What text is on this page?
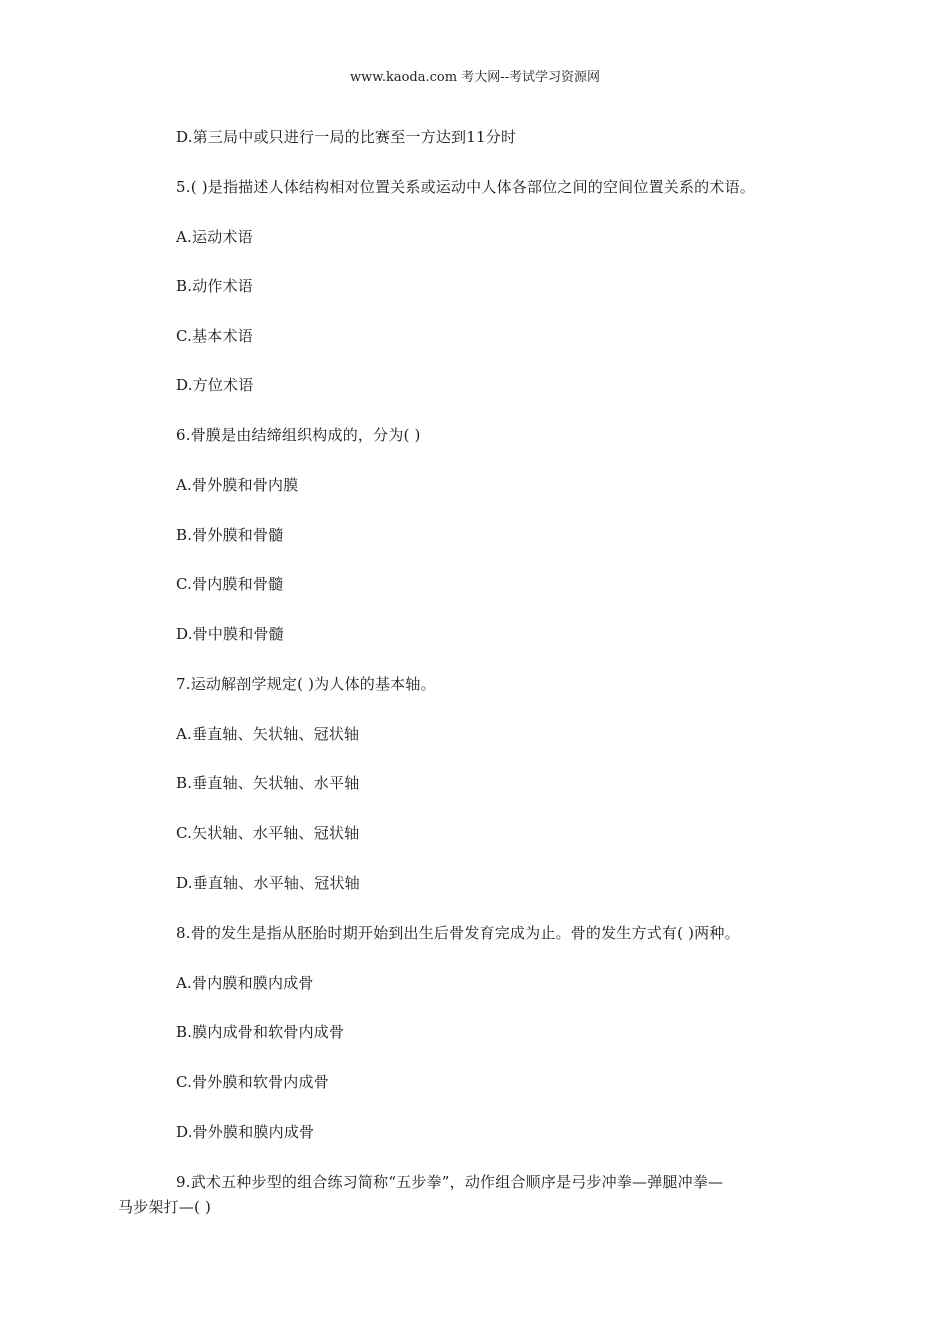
www.kaoda.com 考大网--考试学习资源网
D.第三局中或只进行一局的比赛至一方达到11分时
5.( )是指描述人体结构相对位置关系或运动中人体各部位之间的空间位置关系的术语。
A.运动术语
B.动作术语
C.基本术语
D.方位术语
6.骨膜是由结缔组织构成的，分为( )
A.骨外膜和骨内膜
B.骨外膜和骨髓
C.骨内膜和骨髓
D.骨中膜和骨髓
7.运动解剖学规定( )为人体的基本轴。
A.垂直轴、矢状轴、冠状轴
B.垂直轴、矢状轴、水平轴
C.矢状轴、水平轴、冠状轴
D.垂直轴、水平轴、冠状轴
8.骨的发生是指从胚胎时期开始到出生后骨发育完成为止。骨的发生方式有( )两种。
A.骨内膜和膜内成骨
B.膜内成骨和软骨内成骨
C.骨外膜和软骨内成骨
D.骨外膜和膜内成骨
9.武术五种步型的组合练习简称“五步拳”，动作组合顺序是弓步冲拳—弹腿冲拳—
马步架打—( )
